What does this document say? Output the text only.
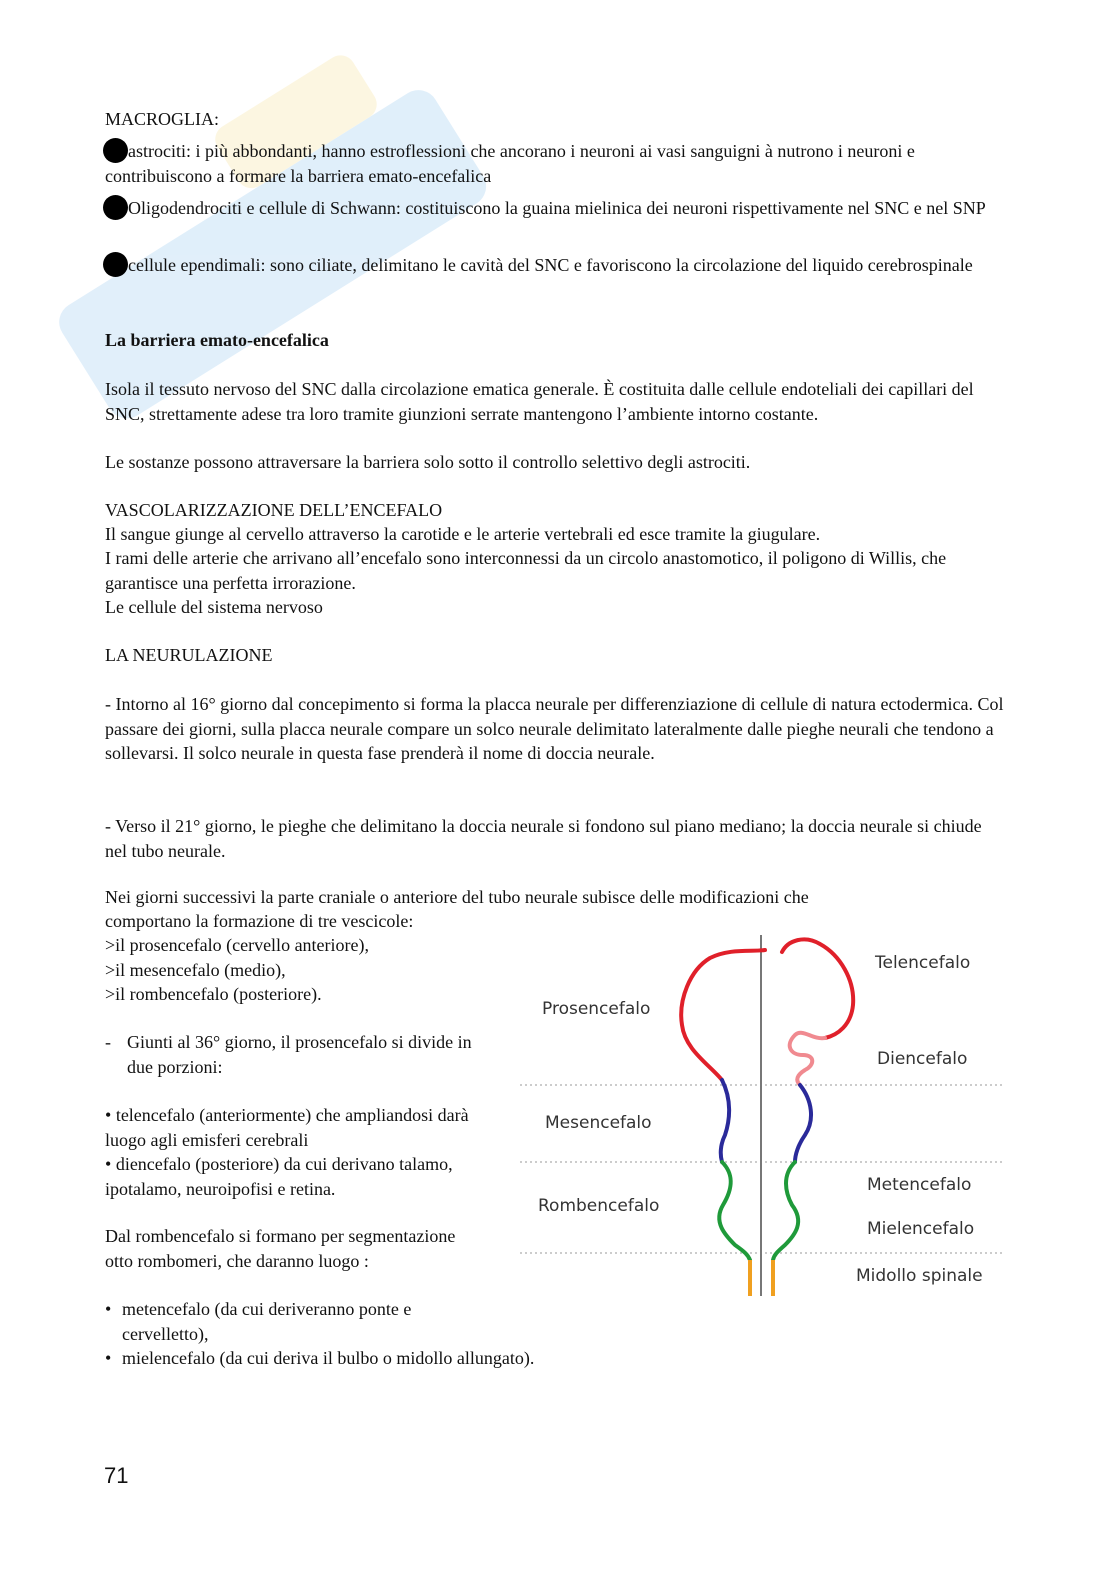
MACROGLIA:

astrociti: i più abbondanti, hanno estroflessioni che ancorano i neuroni ai vasi sanguigni à nutrono i neuroni e contribuiscono a formare la barriera emato-encefalica

Oligodendrociti e cellule di Schwann: costituiscono la guaina mielinica dei neuroni rispettivamente nel SNC e nel SNP

cellule ependimali: sono ciliate, delimitano le cavità del SNC e favoriscono la circolazione del liquido cerebrospinale

La barriera emato-encefalica

Isola il tessuto nervoso del SNC dalla circolazione ematica generale. È costituita dalle cellule endoteliali dei capillari del SNC, strettamente adese tra loro tramite giunzioni serrate mantengono l’ambiente intorno costante.

Le sostanze possono attraversare la barriera solo sotto il controllo selettivo degli astrociti.

VASCOLARIZZAZIONE DELL’ENCEFALO

Il sangue giunge al cervello attraverso la carotide e le arterie vertebrali ed esce tramite la giugulare.

I rami delle arterie che arrivano all’encefalo sono interconnessi da un circolo anastomotico, il poligono di Willis, che garantisce una perfetta irrorazione.

Le cellule del sistema nervoso

LA NEURULAZIONE

- Intorno al 16° giorno dal concepimento si forma la placca neurale per differenziazione di cellule di natura ectodermica. Col passare dei giorni, sulla placca neurale compare un solco neurale delimitato lateralmente dalle pieghe neurali che tendono a sollevarsi. Il solco neurale in questa fase prenderà il nome di doccia neurale.

- Verso il 21° giorno, le pieghe che delimitano la doccia neurale si fondono sul piano mediano; la doccia neurale si chiude nel tubo neurale.

Nei giorni successivi la parte craniale o anteriore del tubo neurale subisce delle modificazioni che

comportano la formazione di tre vescicole:

>il prosencefalo (cervello anteriore),
>il mesencefalo (medio),
>il rombencefalo (posteriore).
- Giunti al 36° giorno, il prosencefalo si divide in due porzioni:
• telencefalo (anteriormente) che ampliandosi darà luogo agli emisferi cerebrali
• diencefalo (posteriore) da cui derivano talamo, ipotalamo, neuroipofisi e retina.

Dal rombencefalo si formano per segmentazione otto rombomeri, che daranno luogo :

• metencefalo (da cui deriveranno ponte e cervelletto),
• mielencefalo (da cui deriva il bulbo o midollo allungato).
Telencefalo
Prosencefalo
Diencefalo
Mesencefalo
Metencefalo
Rombencefalo
Mielencefalo
Midollo spinale
71
